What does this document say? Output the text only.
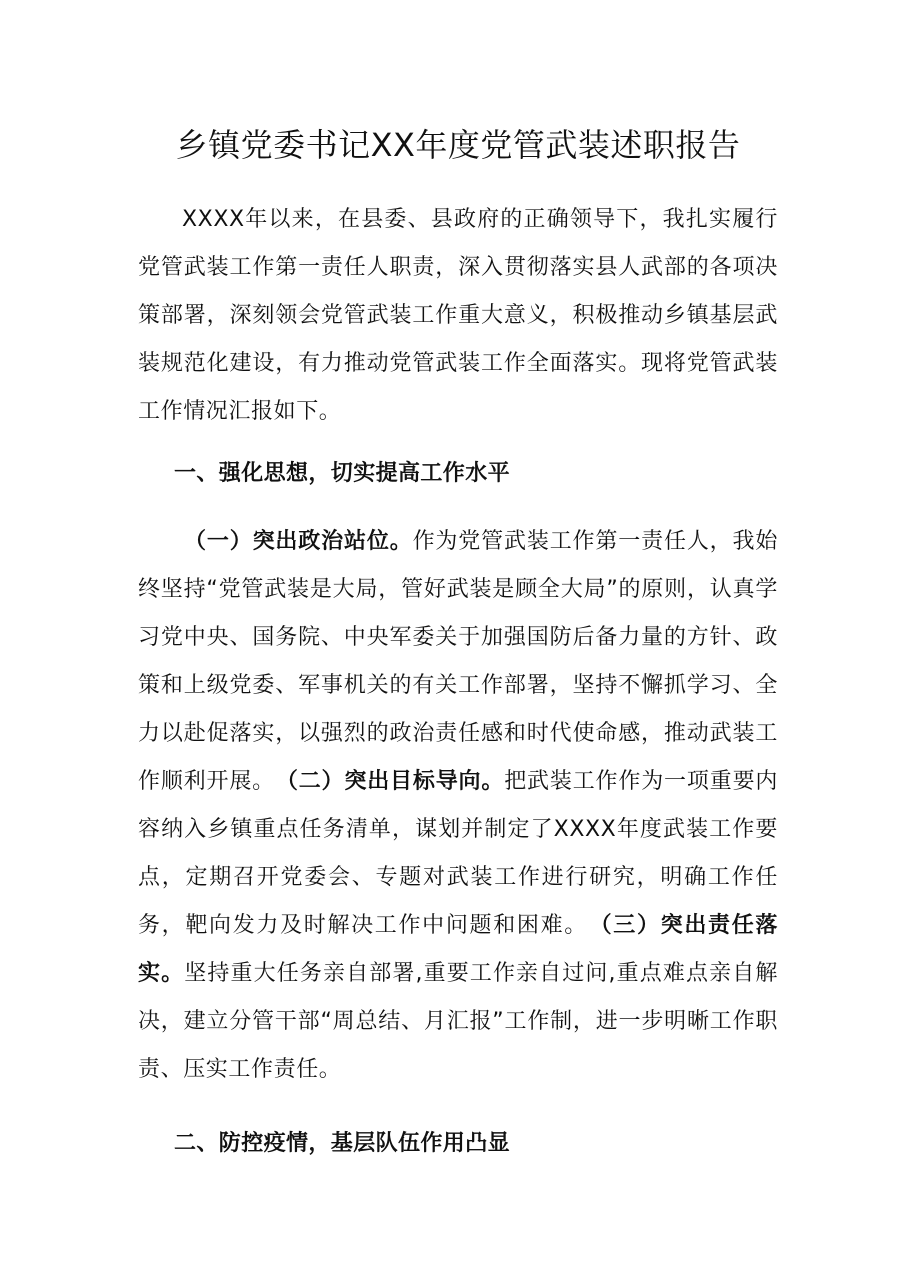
乡镇党委书记XX年度党管武装述职报告

XXXX年以来，在县委、县政府的正确领导下，我扎实履行党管武装工作第一责任人职责，深入贯彻落实县人武部的各项决策部署，深刻领会党管武装工作重大意义，积极推动乡镇基层武装规范化建设，有力推动党管武装工作全面落实。现将党管武装工作情况汇报如下。

一、强化思想，切实提高工作水平

（一）突出政治站位。作为党管武装工作第一责任人，我始终坚持“党管武装是大局，管好武装是顾全大局”的原则，认真学习党中央、国务院、中央军委关于加强国防后备力量的方针、政策和上级党委、军事机关的有关工作部署，坚持不懈抓学习、全力以赴促落实，以强烈的政治责任感和时代使命感，推动武装工作顺利开展。　 （二）突出目标导向。把武装工作作为一项重要内容纳入乡镇重点任务清单，谋划并制定了XXXX年度武装工作要点，定期召开党委会、专题对武装工作进行研究，明确工作任务，靶向发力及时解决工作中问题和困难。　 （三）突出责任落实。坚持重大任务亲自部署,重要工作亲自过问,重点难点亲自解决，建立分管干部“周总结、月汇报”工作制，进一步明晰工作职责、压实工作责任。

二、防控疫情，基层队伍作用凸显
